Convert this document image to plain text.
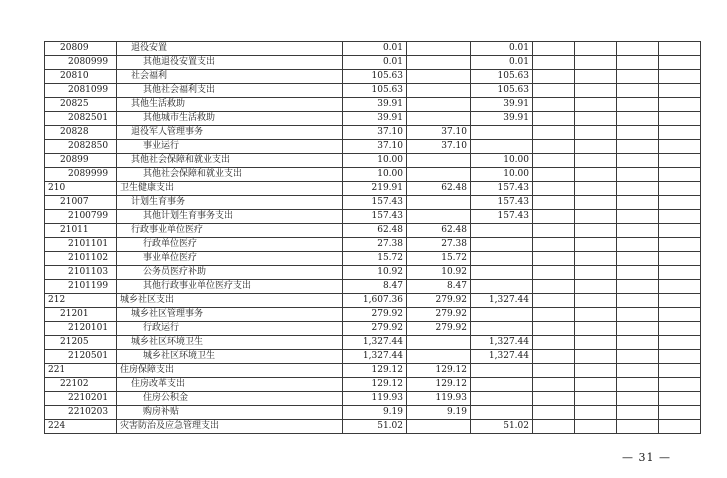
20809	退役安置	0.01		0.01				
2080999	其他退役安置支出	0.01		0.01				
20810	社会福利	105.63		105.63				
2081099	其他社会福利支出	105.63		105.63				
20825	其他生活救助	39.91		39.91				
2082501	其他城市生活救助	39.91		39.91				
20828	退役军人管理事务	37.10	37.10					
2082850	事业运行	37.10	37.10					
20899	其他社会保障和就业支出	10.00		10.00				
2089999	其他社会保障和就业支出	10.00		10.00				
210	卫生健康支出	219.91	62.48	157.43				
21007	计划生育事务	157.43		157.43				
2100799	其他计划生育事务支出	157.43		157.43				
21011	行政事业单位医疗	62.48	62.48					
2101101	行政单位医疗	27.38	27.38					
2101102	事业单位医疗	15.72	15.72					
2101103	公务员医疗补助	10.92	10.92					
2101199	其他行政事业单位医疗支出	8.47	8.47					
212	城乡社区支出	1,607.36	279.92	1,327.44				
21201	城乡社区管理事务	279.92	279.92					
2120101	行政运行	279.92	279.92					
21205	城乡社区环境卫生	1,327.44		1,327.44				
2120501	城乡社区环境卫生	1,327.44		1,327.44				
221	住房保障支出	129.12	129.12					
22102	住房改革支出	129.12	129.12					
2210201	住房公积金	119.93	119.93					
2210203	购房补贴	9.19	9.19					
224	灾害防治及应急管理支出	51.02		51.02				
— 31 —
